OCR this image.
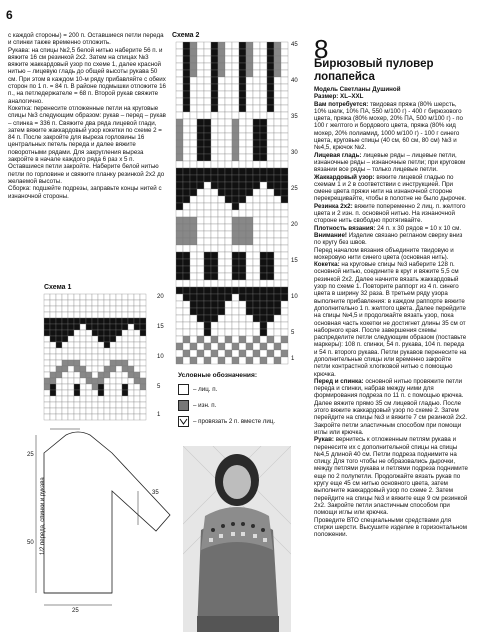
6
с каждой стороны) = 200 п. Оставшиеся петли переда и спинки также временно отложить.
Рукава: на спицы №2,5 белой нитью наберите 56 п. и вяжите 16 см резинкой 2х2. Затем на спицах №3 вяжите жаккардовый узор по схеме 1, далее красной нитью – лицевую гладь до общей высоты рукава 50 см. При этом в каждом 10-м ряду прибавляйте с обеих сторон по 1 п. = 84 п. В районе подмышки отложите 16 п., на петледержателе = 68 п. Второй рукав свяжите аналогично.
Кокетка: перенесите отложенные петли на круговые спицы №3 следующим образом: рукав – перед – рукав – спинка = 336 п. Свяжите два ряда лицевой глади, затем вяжите жаккардовый узор кокетки по схеме 2 = 84 п. После закройте для выреза горловины 16 центральных петель переда и далее вяжите поворотными рядами. Для закругления выреза закройте в начале каждого ряда 6 раз х 5 п. Оставшиеся петли закройте. Наберите белой нитью петли по горловине и свяжите планку резинкой 2х2 до желаемой высоты.
Сборка: подшейте подрезы, заправьте концы нитей с изнаночной стороны.
Схема 1
20
15
10
5
1
Схема 2
45
40
35
30
25
20
15
10
5
1
Условные обозначения:
– лиц. п.
– изн. п.
– провязать 2 п. вместе лиц.
25
35
50
25
1/2 переда, спинки и рукава
8
Бирюзовый пуловер лопапейса
Модель Светланы Душиной
Размер: XL–XXL
Вам потребуется: твидовая пряжа (80% шерсть, 10% шелк, 10% ПА, 550 м/100 г) - 400 г бирюзового цвета, пряжа (80% мохер, 20% ПА, 500 м/100 г) - по 100 г желтого и бордового цвета, пряжа (80% кид мохер, 20% полиамид, 1000 м/100 г) - 100 г синего цвета, круговые спицы (40 см, 60 см, 80 см) №3 и №4,5, крючок №2.
Лицевая гладь: лицевые ряды – лицевые петли, изнаночные ряды – изнаночные петли; при круговом вязании все ряды – только лицевые петли.
Жаккардовый узор: вяжите лицевой гладью по схемам 1 и 2 в соответствии с инструкцией. При смене цвета пряжи нити на изнаночной стороне перекрещивайте, чтобы в полотне не было дырочек.
Резинка 2х2: вяжите попеременно 2 лиц. п. желтого цвета и 2 изн. п. основной нитью. На изнаночной стороне нить свободно протягивайте.
Плотность вязания: 24 п. х 30 рядов = 10 х 10 см.
Внимание! Изделие связано регланом сверху вниз по кругу без швов.
Перед началом вязания объедините твидовую и мохеровую нити синего цвета (основная нить).
Кокетка: на круговые спицы №3 наберите 128 п. основной нитью, соедините в круг и вяжите 5,5 см резинкой 2х2. Далее начните вязать жаккардовый узор по схеме 1. Повторите раппорт из 4 п. синего цвета в ширину 32 раза. В третьем ряду узора выполните прибавления: в каждом раппорте вяжите дополнительно 1 п. желтого цвета. Далее перейдите на спицы №4,5 и продолжайте вязать узор, пока основная часть кокетки не достигнет длины 35 см от наборного края. После завершения схемы распределите петли следующим образом (поставьте маркеры): 108 п. спинки, 54 п. рукава, 104 п. переда и 54 п. второго рукава. Петли рукавов перенесите на дополнительные спицы или временно закройте петли контрастной хлопковой нитью с помощью крючка.
Перед и спинка: основной нитью провяжите петли переда и спинки, набрав между ними для формирования подреза по 11 п. с помощью крючка. Далее вяжите прямо 35 см лицевой гладью. После этого вяжите жаккардовый узор по схеме 2. Затем перейдите на спицы №3 и вяжите 7 см резинкой 2х2. Закройте петли эластичным способом при помощи иглы или крючка.
Рукав: вернитесь к отложенным петлям рукава и перенесите их с дополнительной спицы на спицы №4,5 длиной 40 см. Петли подреза поднимите на спицу. Для того чтобы не образовались дырочки, между петлями рукава и петлями подреза поднимите еще по 2 полупетли. Продолжайте вязать рукав по кругу еще 45 см нитью основного цвета, затем выполните жаккардовый узор по схеме 2. Затем перейдите на спицы №3 и вяжите еще 9 см резинкой 2х2. Закройте петли эластичным способом при помощи иглы или крючка.
Проведите ВТО специальными средствами для стирки шерсти. Высушите изделие в горизонтальном положении.
